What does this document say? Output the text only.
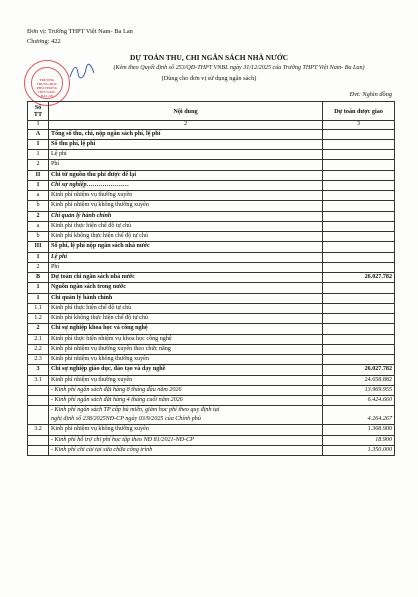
Đơn vị: Trường THPT Việt Nam- Ba Lan
Chương: 422
TRƯỜNG TRUNG HỌC PHỔ THÔNG VIỆT NAM - BA LAN
DỰ TOÁN THU, CHI NGÂN SÁCH NHÀ NƯỚC
(Kèm theo Quyết định số 253/QĐ-THPT VNBL ngày 31/12/2025 của Trường THPT Việt Nam- Ba Lan)
(Dùng cho đơn vị sử dụng ngân sách)
Đvt: Nghìn đồng
Số TT	Nội dung	Dự toán được giao
1	2	3
A	Tổng số thu, chi, nộp ngân sách phí, lệ phí	

I	Số thu phí, lệ phí	

1	Lệ phí	

2	Phí	

II	Chi từ nguồn thu phí được để lại	

1	Chi sự nghiệp…………………	

a	Kinh phí nhiệm vụ thường xuyên	

b	Kinh phí nhiệm vụ không thường xuyên	

2	Chi quản lý hành chính	

a	Kinh phí thực hiện chế độ tự chủ	

b	Kinh phí không thực hiện chế độ tự chủ	

III	Số phí, lệ phí nộp ngân sách nhà nước	

1	Lệ phí	

2	Phí	

B	Dự toán chi ngân sách nhà nước	26.027.782
1	Nguồn ngân sách trong nước	

1	Chi quản lý hành chính	

1.1	Kinh phí thực hiện chế độ tự chủ	

1.2	Kinh phí không thực hiện chế độ tự chủ	

2	Chi sự nghiệp khoa học và công nghệ	

2.1	Kinh phí thực hiện nhiệm vụ khoa học công nghệ	

2.2	Kinh phí nhiệm vụ thường xuyên theo chức năng	

2.3	Kinh phí nhiệm vụ không thường xuyên	

3	Chi sự nghiệp giáo dục, đào tạo và dạy nghề	26.027.782
3.1	Kinh phí nhiệm vụ thường xuyên	24.658.882

	- Kinh phí ngân sách đặt hàng 8 tháng đầu năm 2026	13.969.955

	- Kinh phí ngân sách đặt hàng 4 tháng cuối năm 2026	6.424.660

	- Kinh phí ngân sách TP cấp bù miễn, giảm học phí theo quy định tại
nghị định số 238/2025NĐ-CP ngày 03/9/2025 của Chính phủ	4.264.267
3.2	Kinh phí nhiệm vụ không thường xuyên	1.368.900

	- Kinh phí hỗ trợ chi phí học tập theo NĐ 81/2021-NĐ-CP	18.900

	- Kinh phí chi cải tại sửa chữa công trình	1.350.000
